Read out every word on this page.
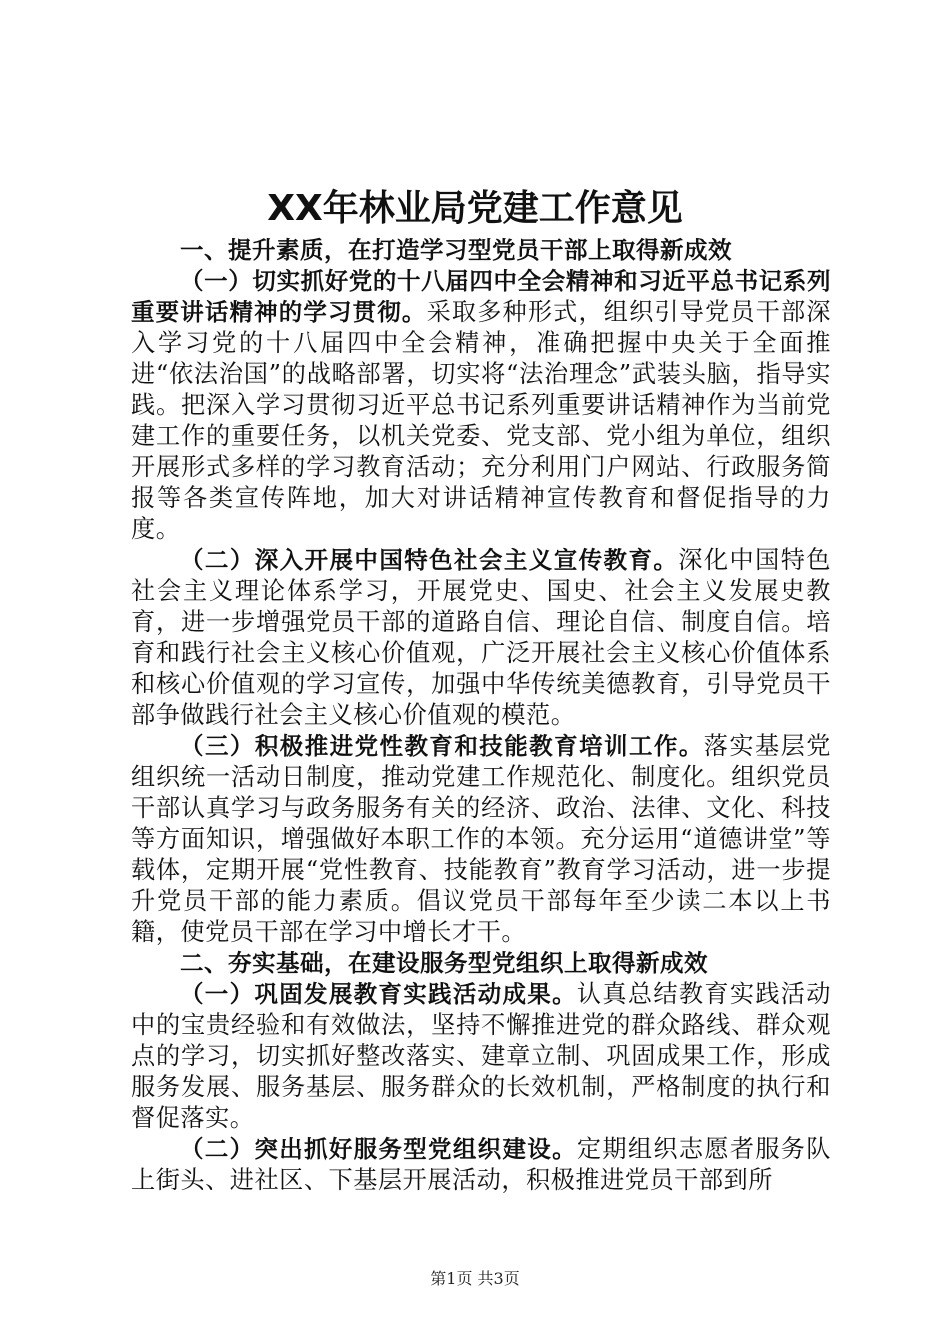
XX年林业局党建工作意见

一、提升素质，在打造学习型党员干部上取得新成效

（一）切实抓好党的十八届四中全会精神和习近平总书记系列重要讲话精神的学习贯彻。采取多种形式，组织引导党员干部深入学习党的十八届四中全会精神，准确把握中央关于全面推进“依法治国”的战略部署，切实将“法治理念”武装头脑，指导实践。把深入学习贯彻习近平总书记系列重要讲话精神作为当前党建工作的重要任务，以机关党委、党支部、党小组为单位，组织开展形式多样的学习教育活动；充分利用门户网站、行政服务简报等各类宣传阵地，加大对讲话精神宣传教育和督促指导的力度。

（二）深入开展中国特色社会主义宣传教育。深化中国特色社会主义理论体系学习，开展党史、国史、社会主义发展史教育，进一步增强党员干部的道路自信、理论自信、制度自信。培育和践行社会主义核心价值观，广泛开展社会主义核心价值体系和核心价值观的学习宣传，加强中华传统美德教育，引导党员干部争做践行社会主义核心价值观的模范。

（三）积极推进党性教育和技能教育培训工作。落实基层党组织统一活动日制度，推动党建工作规范化、制度化。组织党员干部认真学习与政务服务有关的经济、政治、法律、文化、科技等方面知识，增强做好本职工作的本领。充分运用“道德讲堂”等载体，定期开展“党性教育、技能教育”教育学习活动，进一步提升党员干部的能力素质。倡议党员干部每年至少读二本以上书籍，使党员干部在学习中增长才干。

二、夯实基础，在建设服务型党组织上取得新成效

（一）巩固发展教育实践活动成果。认真总结教育实践活动中的宝贵经验和有效做法，坚持不懈推进党的群众路线、群众观点的学习，切实抓好整改落实、建章立制、巩固成果工作，形成服务发展、服务基层、服务群众的长效机制，严格制度的执行和督促落实。

（二）突出抓好服务型党组织建设。定期组织志愿者服务队上街头、进社区、下基层开展活动，积极推进党员干部到所

第1页 共3页
